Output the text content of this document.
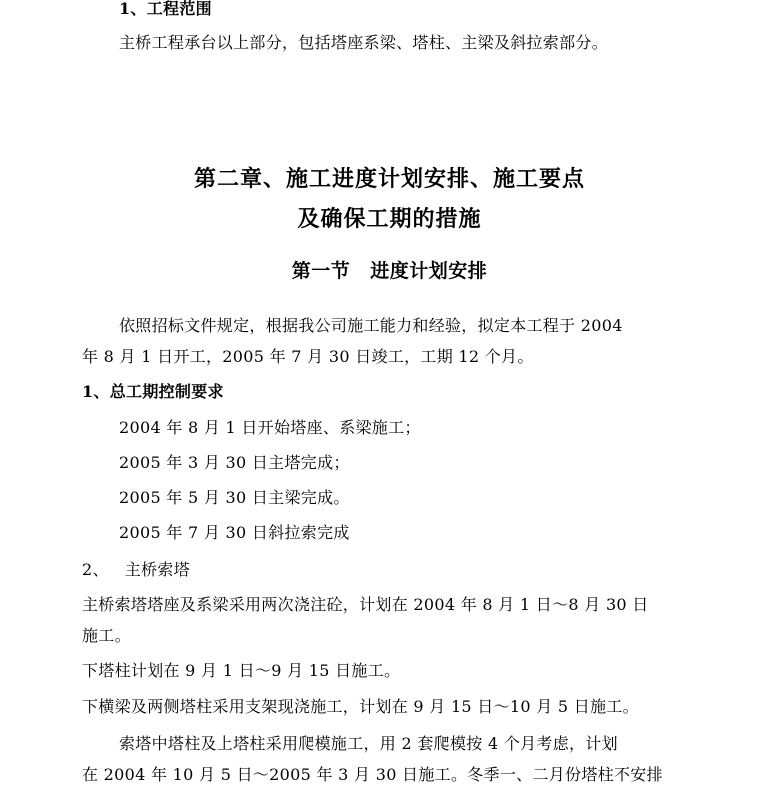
1、工程范围
主桥工程承台以上部分，包括塔座系梁、塔柱、主梁及斜拉索部分。
第二章、施工进度计划安排、施工要点
及确保工期的措施
第一节 进度计划安排
依照招标文件规定，根据我公司施工能力和经验，拟定本工程于 2004
年 8 月 1 日开工，2005 年 7 月 30 日竣工，工期 12 个月。
1、总工期控制要求
2004 年 8 月 1 日开始塔座、系梁施工；
2005 年 3 月 30 日主塔完成；
2005 年 5 月 30 日主梁完成。
2005 年 7 月 30 日斜拉索完成
2、 主桥索塔
主桥索塔塔座及系梁采用两次浇注砼，计划在 2004 年 8 月 1 日～8 月 30 日
施工。
下塔柱计划在 9 月 1 日～9 月 15 日施工。
下横梁及两侧塔柱采用支架现浇施工，计划在 9 月 15 日～10 月 5 日施工。
索塔中塔柱及上塔柱采用爬模施工，用 2 套爬模按 4 个月考虑，计划
在 2004 年 10 月 5 日～2005 年 3 月 30 日施工。冬季一、二月份塔柱不安排
